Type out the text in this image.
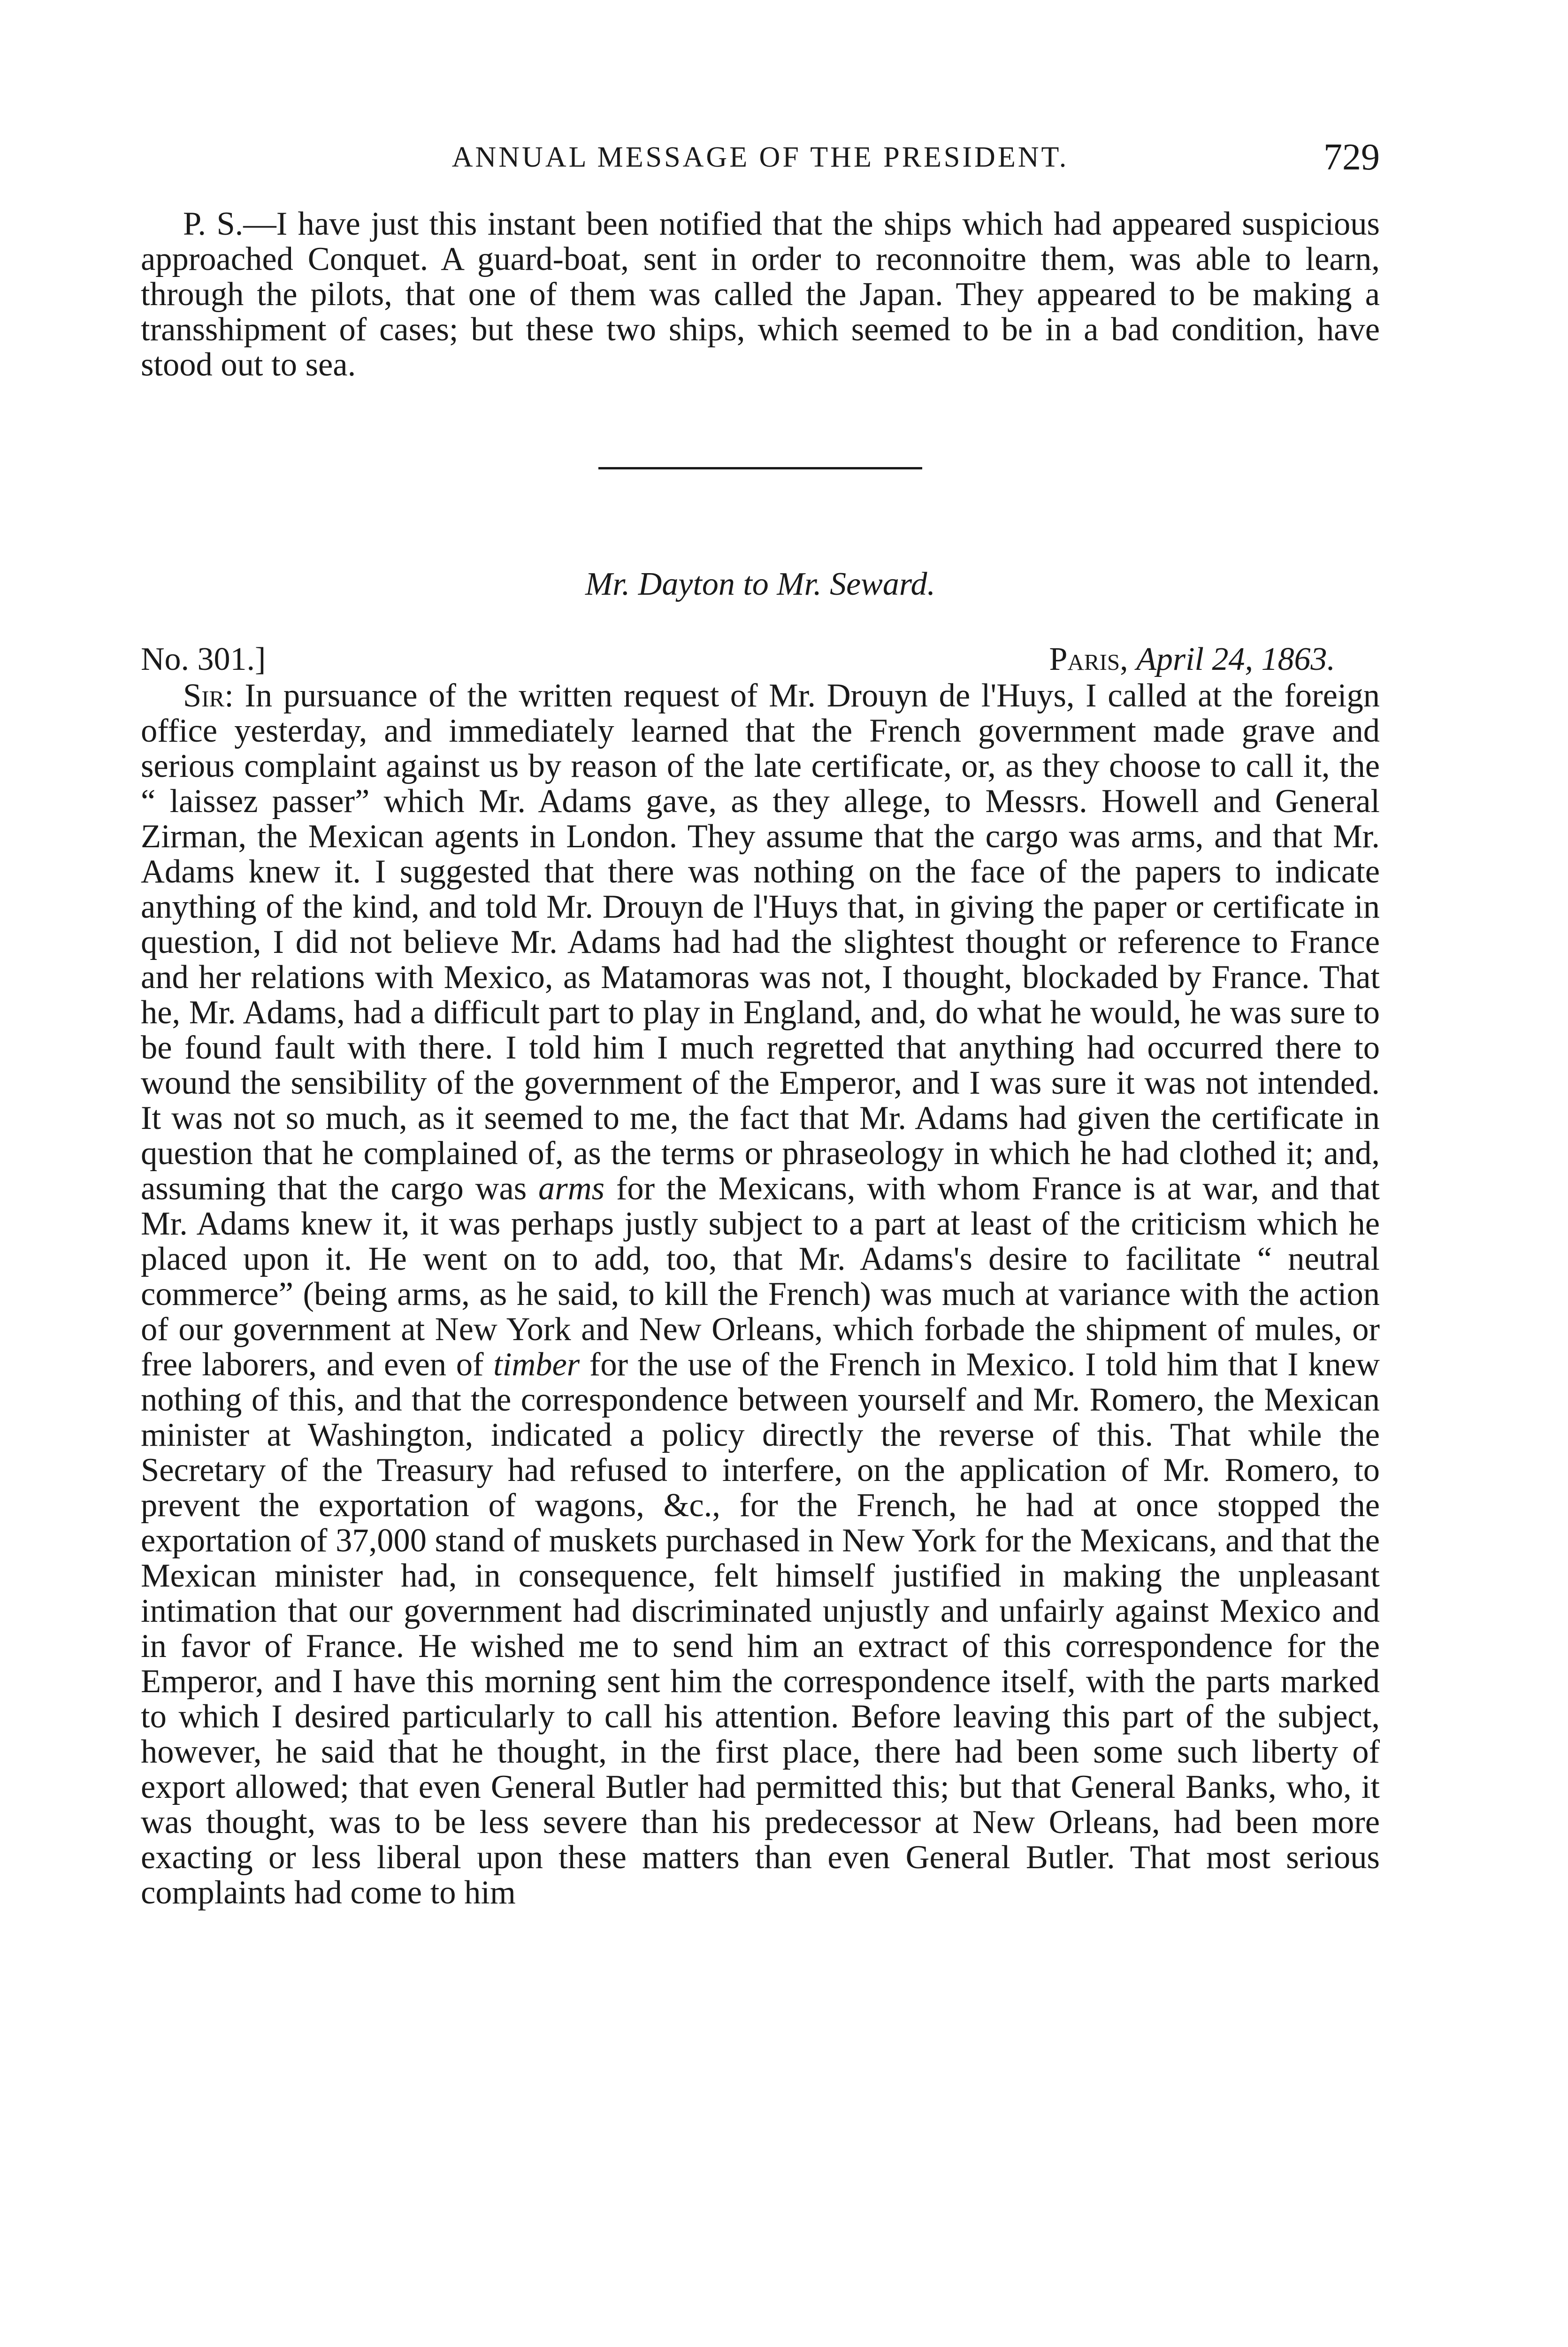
ANNUAL MESSAGE OF THE PRESIDENT.	729

P. S.—I have just this instant been notified that the ships which had appeared suspicious approached Conquet. A guard-boat, sent in order to reconnoitre them, was able to learn, through the pilots, that one of them was called the Japan. They appeared to be making a transshipment of cases; but these two ships, which seemed to be in a bad condition, have stood out to sea.

Mr. Dayton to Mr. Seward.
No. 301.]	Paris, April 24, 1863.

Sir: In pursuance of the written request of Mr. Drouyn de l'Huys, I called at the foreign office yesterday, and immediately learned that the French government made grave and serious complaint against us by reason of the late certificate, or, as they choose to call it, the “ laissez passer” which Mr. Adams gave, as they allege, to Messrs. Howell and General Zirman, the Mexican agents in London. They assume that the cargo was arms, and that Mr. Adams knew it. I suggested that there was nothing on the face of the papers to indicate anything of the kind, and told Mr. Drouyn de l'Huys that, in giving the paper or certificate in question, I did not believe Mr. Adams had had the slightest thought or reference to France and her relations with Mexico, as Matamoras was not, I thought, blockaded by France. That he, Mr. Adams, had a difficult part to play in England, and, do what he would, he was sure to be found fault with there. I told him I much regretted that anything had occurred there to wound the sensibility of the government of the Emperor, and I was sure it was not intended. It was not so much, as it seemed to me, the fact that Mr. Adams had given the certificate in question that he complained of, as the terms or phraseology in which he had clothed it; and, assuming that the cargo was arms for the Mexicans, with whom France is at war, and that Mr. Adams knew it, it was perhaps justly subject to a part at least of the criticism which he placed upon it. He went on to add, too, that Mr. Adams's desire to facilitate “ neutral commerce” (being arms, as he said, to kill the French) was much at variance with the action of our government at New York and New Orleans, which forbade the shipment of mules, or free laborers, and even of timber for the use of the French in Mexico. I told him that I knew nothing of this, and that the correspondence between yourself and Mr. Romero, the Mexican minister at Washington, indicated a policy directly the reverse of this. That while the Secretary of the Treasury had refused to interfere, on the application of Mr. Romero, to prevent the exportation of wagons, &c., for the French, he had at once stopped the exportation of 37,000 stand of muskets purchased in New York for the Mexicans, and that the Mexican minister had, in consequence, felt himself justified in making the unpleasant intimation that our government had discriminated unjustly and unfairly against Mexico and in favor of France. He wished me to send him an extract of this correspondence for the Emperor, and I have this morning sent him the correspondence itself, with the parts marked to which I desired particularly to call his attention. Before leaving this part of the subject, however, he said that he thought, in the first place, there had been some such liberty of export allowed; that even General Butler had permitted this; but that General Banks, who, it was thought, was to be less severe than his predecessor at New Orleans, had been more exacting or less liberal upon these matters than even General Butler. That most serious complaints had come to him
